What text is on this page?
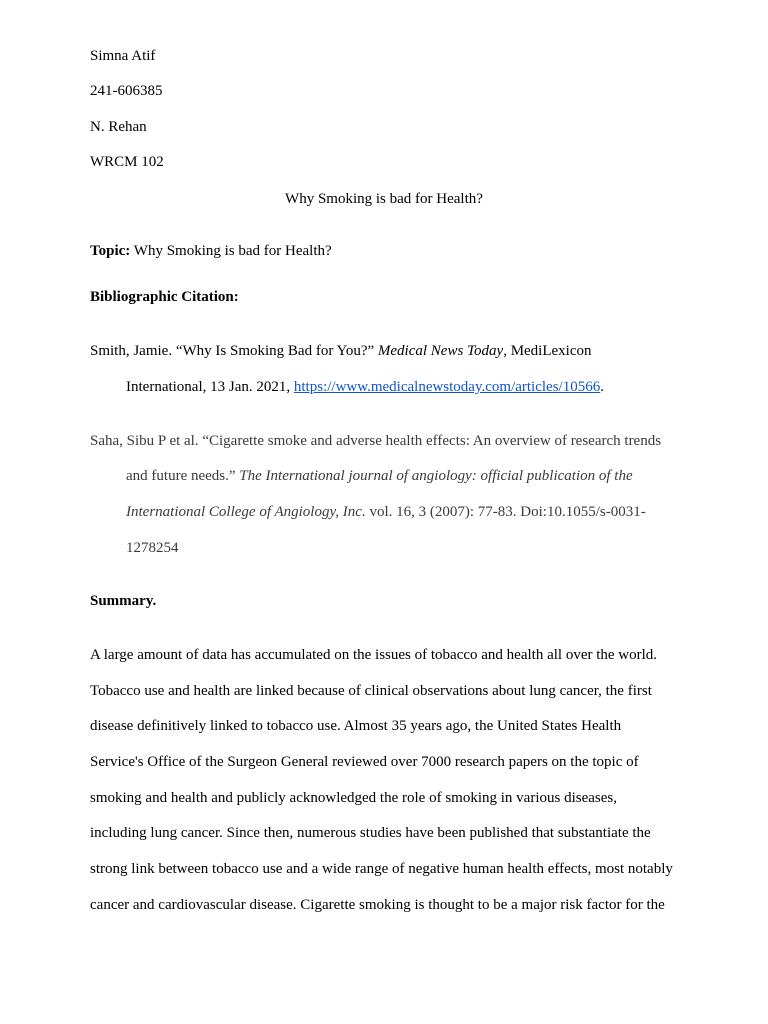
Simna Atif
241-606385
N. Rehan
WRCM 102
Why Smoking is bad for Health?
Topic: Why Smoking is bad for Health?
Bibliographic Citation:
Smith, Jamie. “Why Is Smoking Bad for You?” Medical News Today, MediLexicon
International, 13 Jan. 2021, https://www.medicalnewstoday.com/articles/10566.
Saha, Sibu P et al. “Cigarette smoke and adverse health effects: An overview of research trends
and future needs.” The International journal of angiology: official publication of the
International College of Angiology, Inc. vol. 16, 3 (2007): 77-83. Doi:10.1055/s-0031-
1278254
Summary.
A large amount of data has accumulated on the issues of tobacco and health all over the world.
Tobacco use and health are linked because of clinical observations about lung cancer, the first
disease definitively linked to tobacco use. Almost 35 years ago, the United States Health
Service's Office of the Surgeon General reviewed over 7000 research papers on the topic of
smoking and health and publicly acknowledged the role of smoking in various diseases,
including lung cancer. Since then, numerous studies have been published that substantiate the
strong link between tobacco use and a wide range of negative human health effects, most notably
cancer and cardiovascular disease. Cigarette smoking is thought to be a major risk factor for the
